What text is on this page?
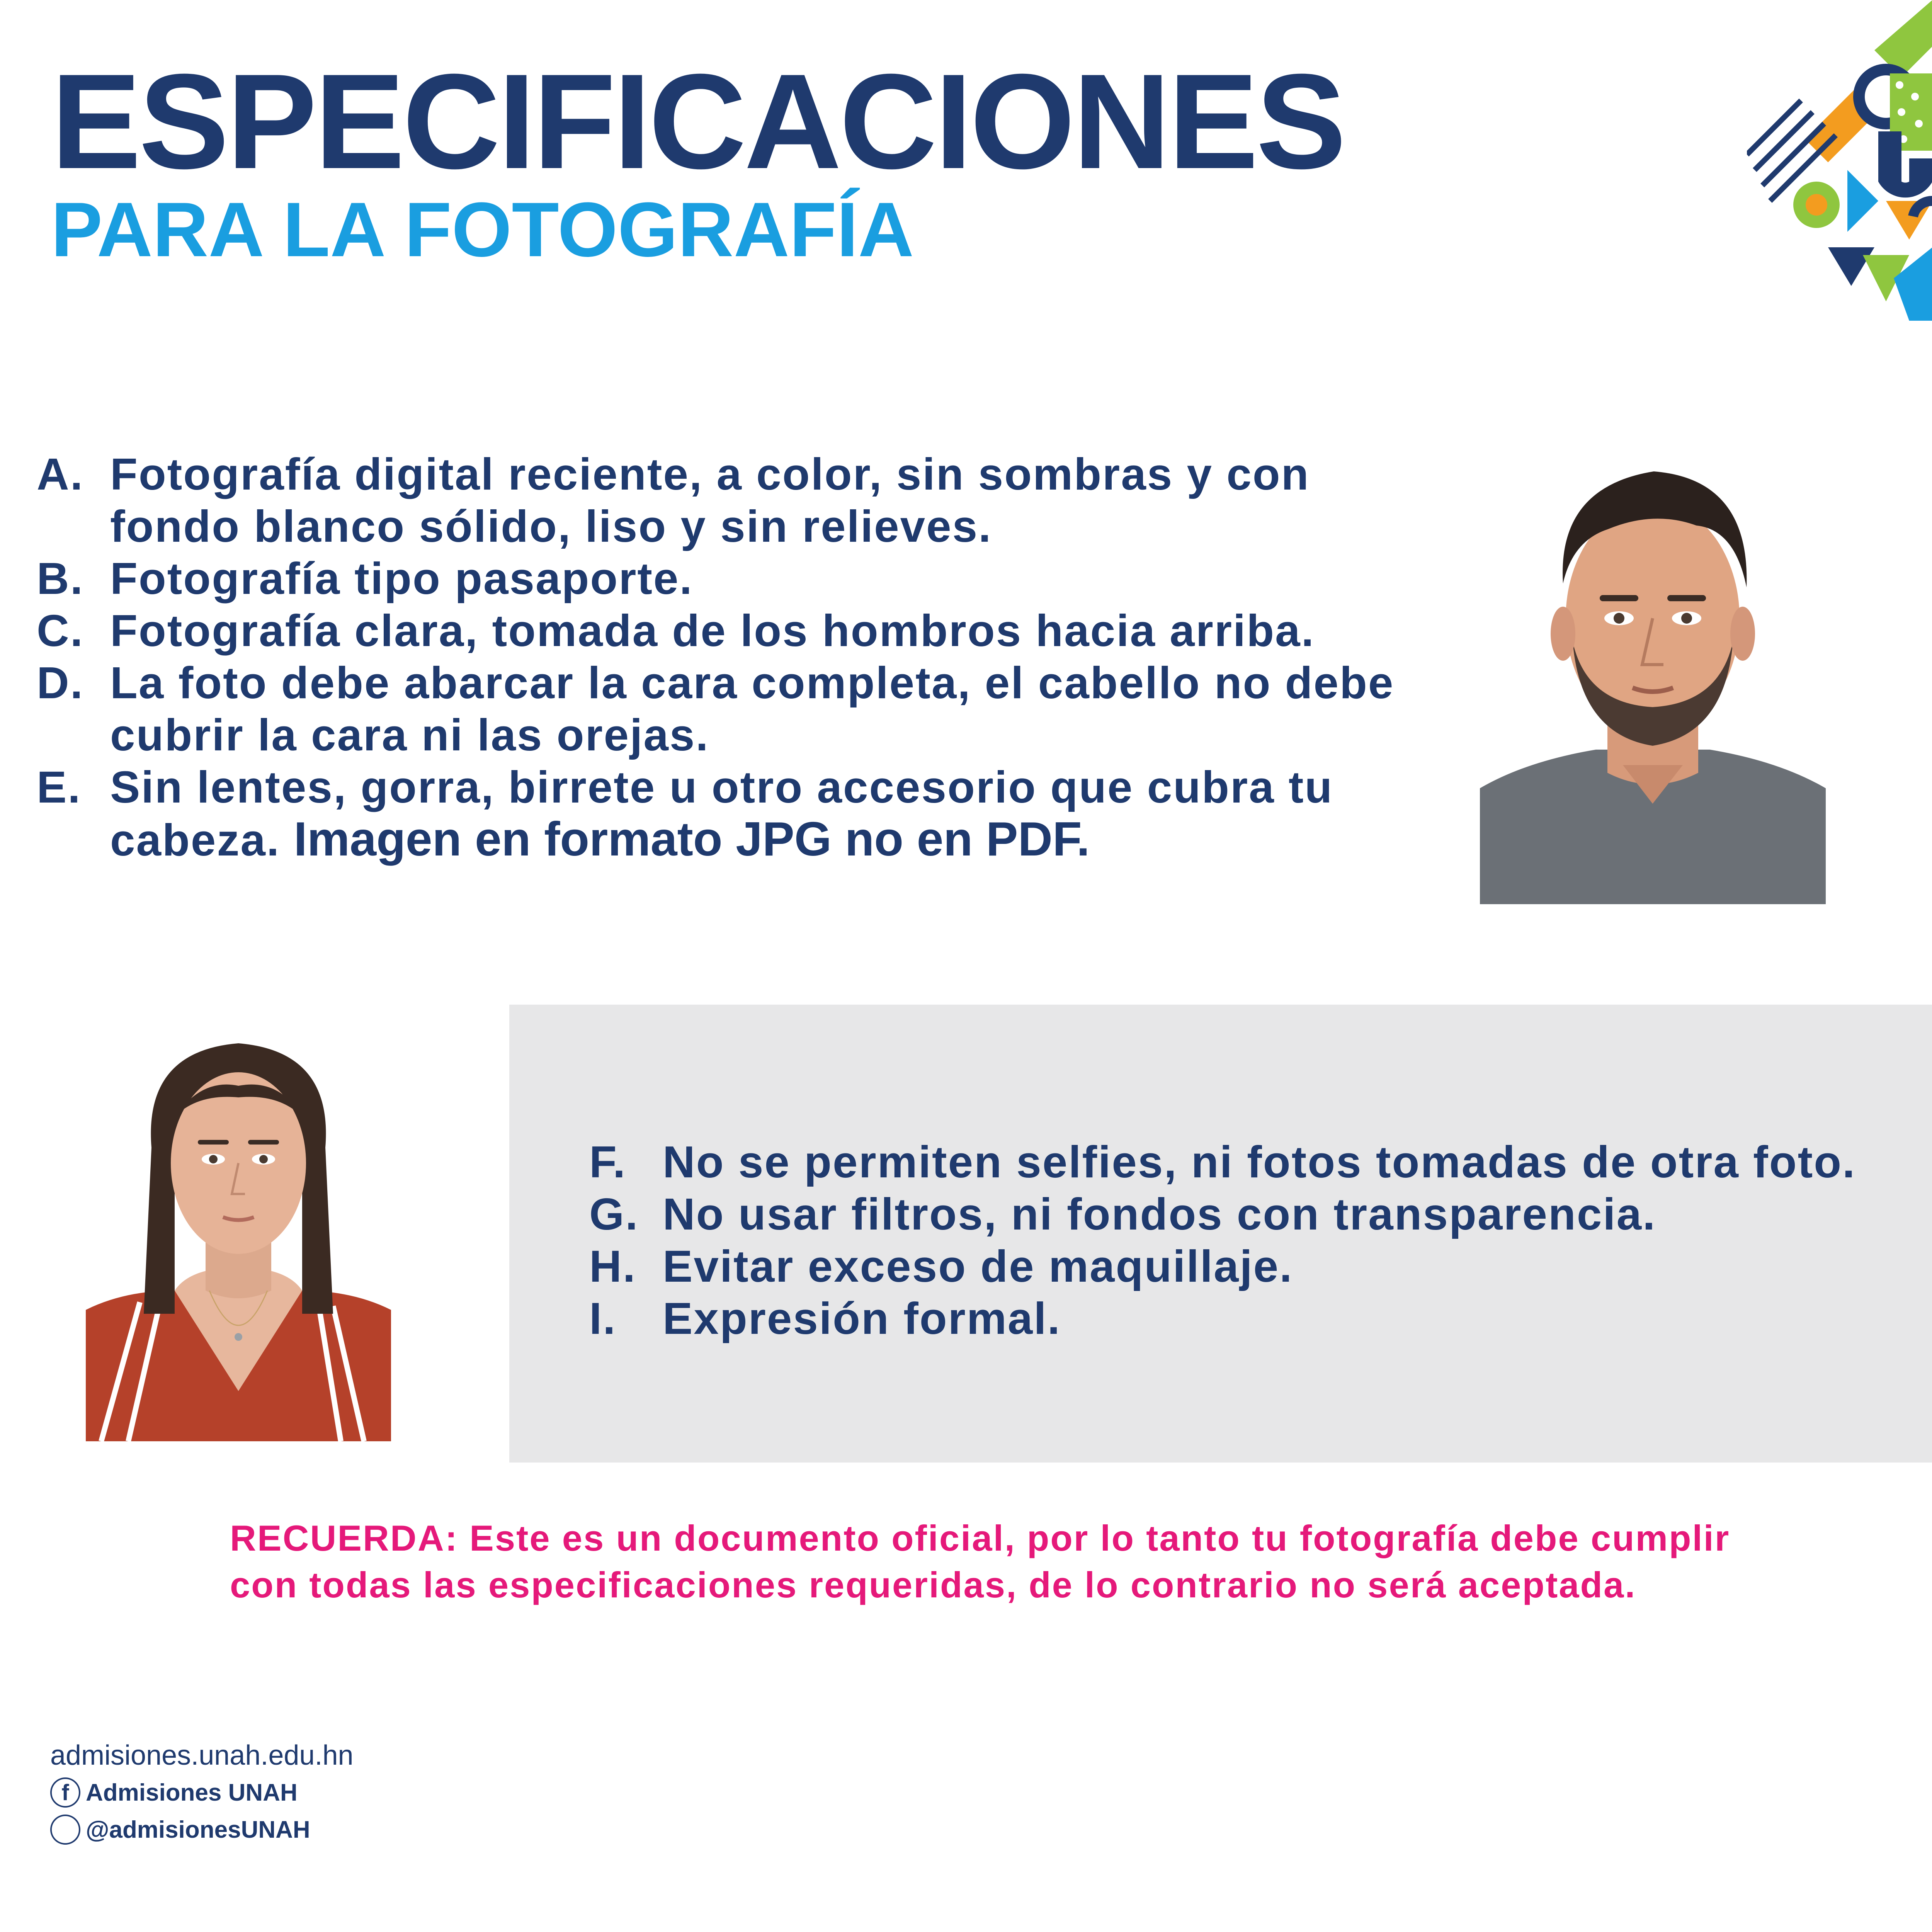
ESPECIFICACIONES
PARA LA FOTOGRAFÍA
A. Fotografía digital reciente, a color, sin sombras y con fondo blanco sólido, liso y sin relieves.
B. Fotografía tipo pasaporte.
C. Fotografía clara, tomada de los hombros hacia arriba.
D. La foto debe abarcar la cara completa, el cabello no debe cubrir la cara ni las orejas.
E. Sin lentes, gorra, birrete u otro accesorio que cubra tu cabeza. Imagen en formato JPG no en PDF.
F. No se permiten selfies, ni fotos tomadas de otra foto.
G. No usar filtros, ni fondos con transparencia.
H. Evitar exceso de maquillaje.
I.	Expresión formal.
RECUERDA: Este es un documento oficial, por lo tanto tu fotografía debe cumplir con todas las especificaciones requeridas, de lo contrario no será aceptada.
admisiones.unah.edu.hn
f Admisiones UNAH
@admisionesUNAH
